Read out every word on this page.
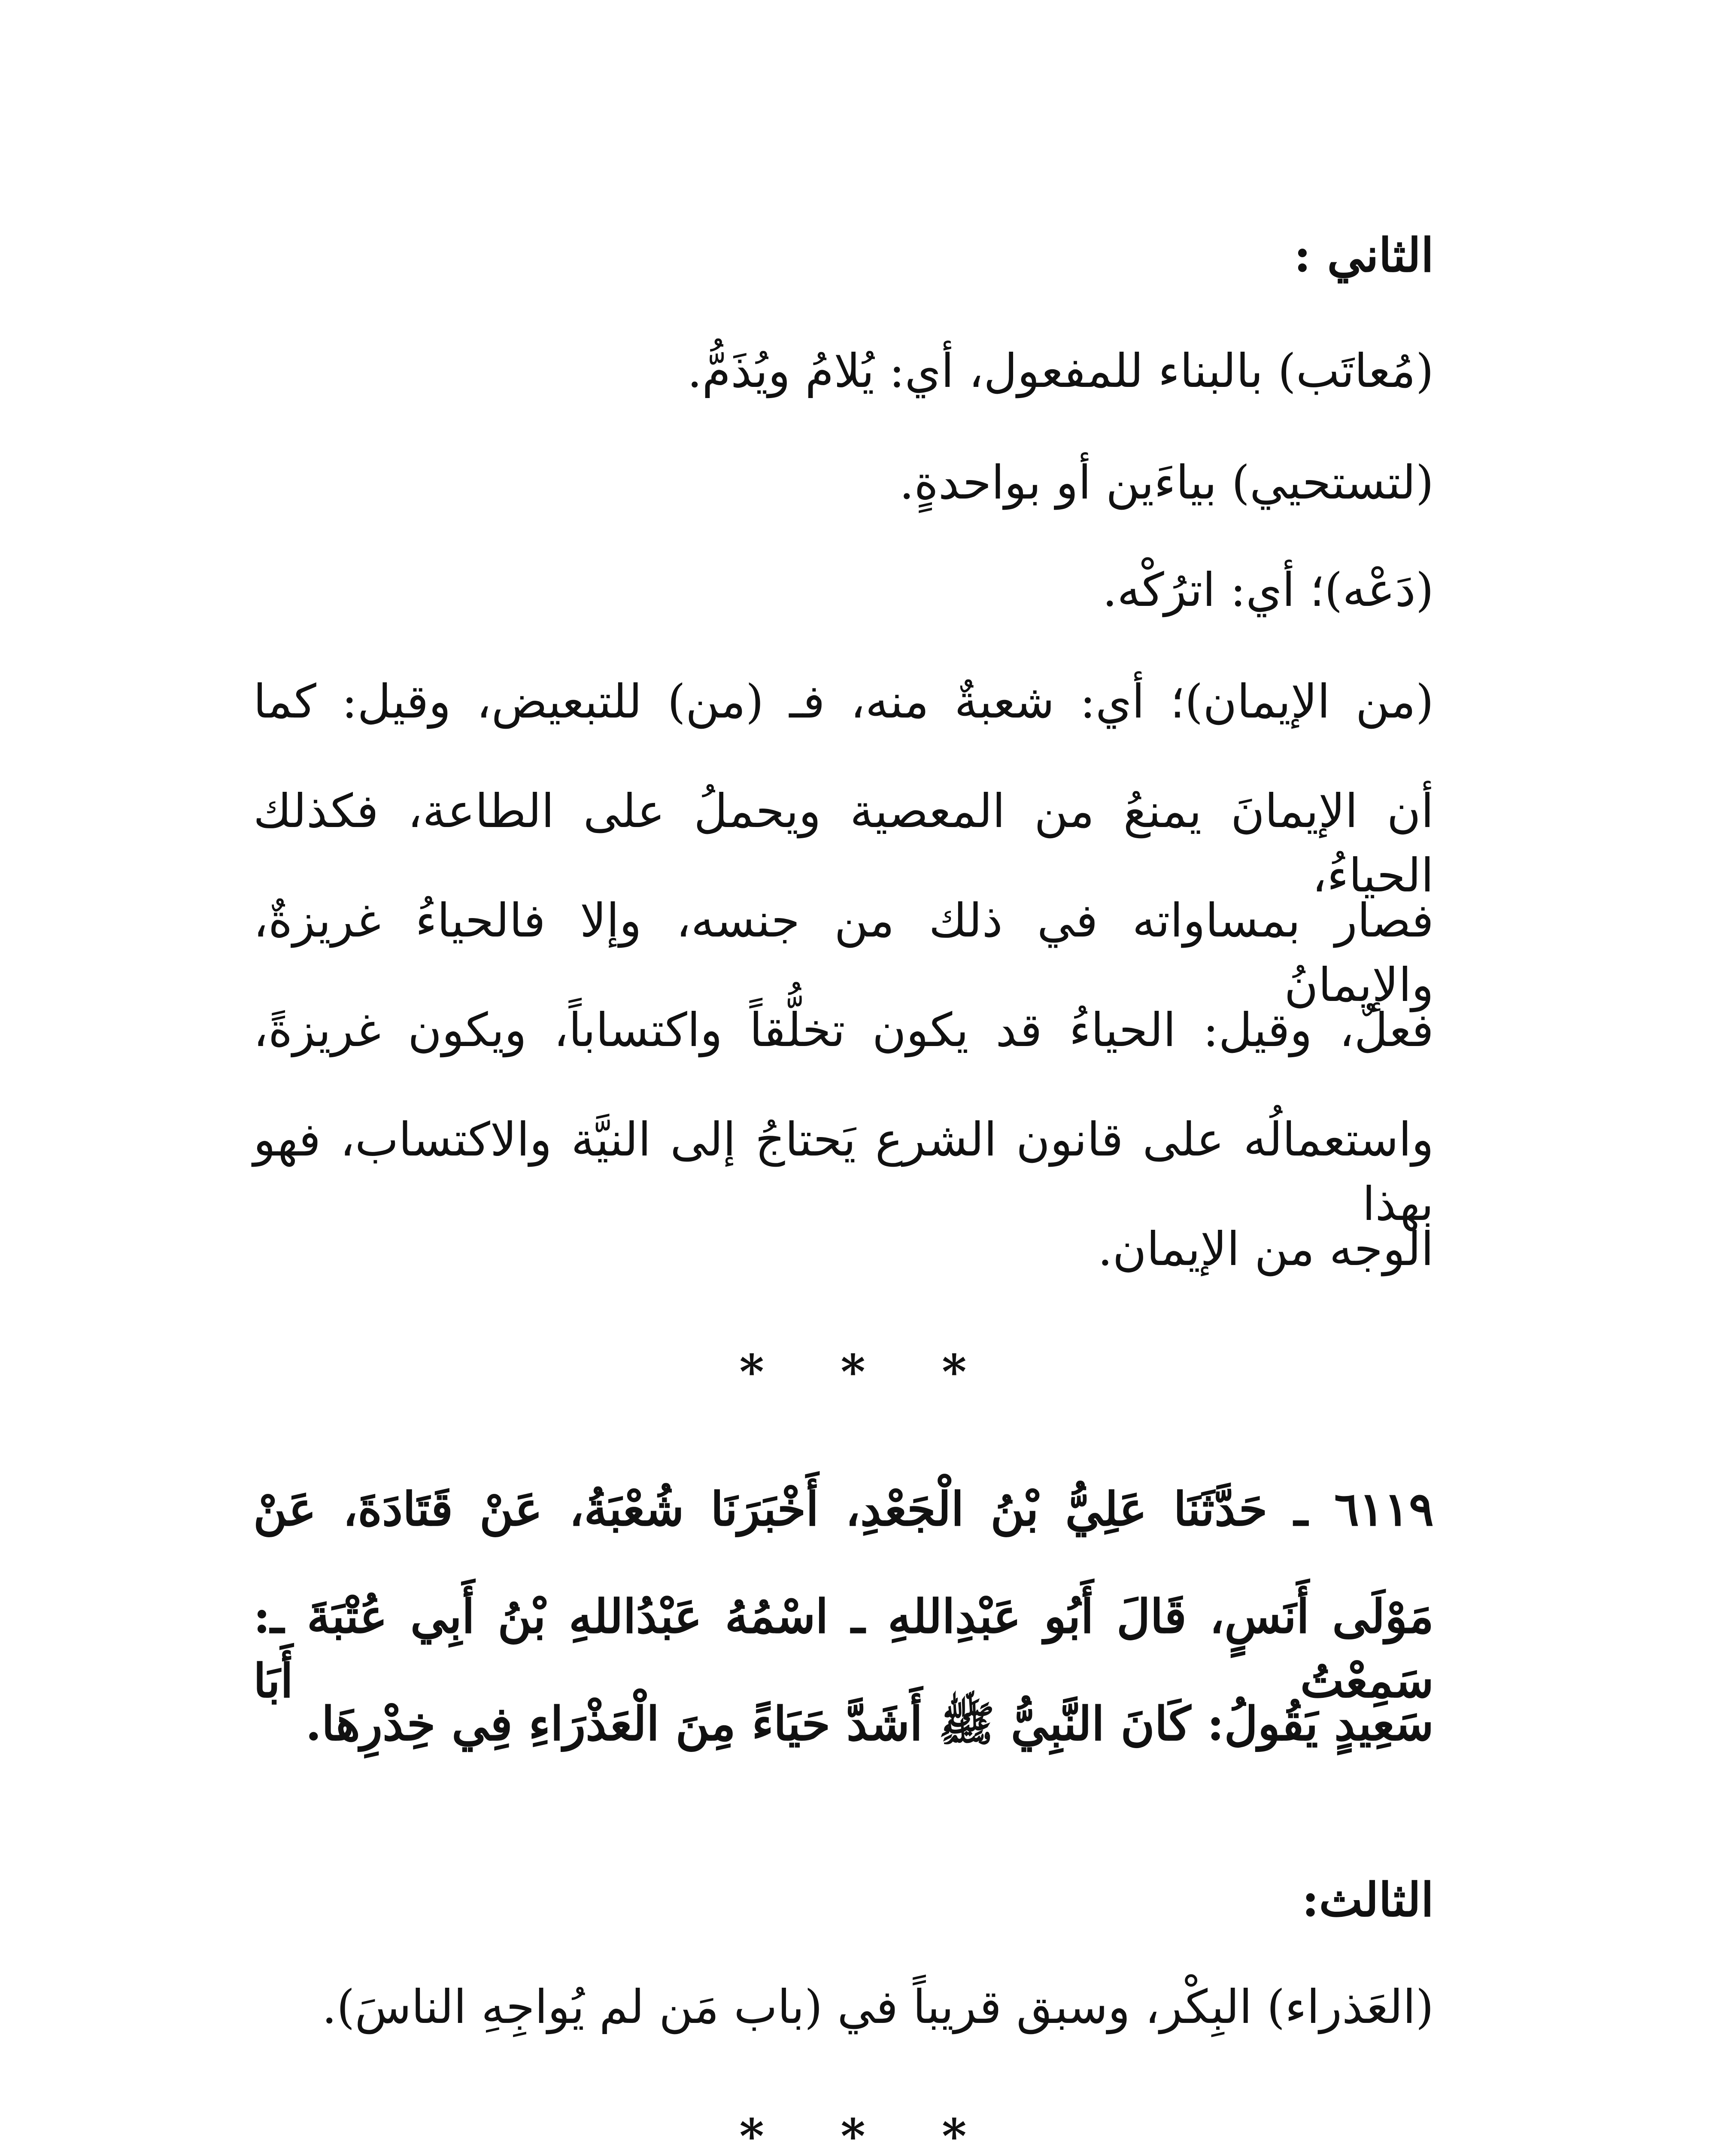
الثاني :
(مُعاتَب) بالبناء للمفعول، أي: يُلامُ ويُذَمُّ.
(لتستحيي) بياءَين أو بواحدةٍ.
(دَعْه)؛ أي: اترُكْه.
(من الإيمان)؛ أي: شعبةٌ منه، فـ (من) للتبعيض، وقيل: كما
أن الإيمانَ يمنعُ من المعصية ويحملُ على الطاعة، فكذلك الحياءُ،
فصار بمساواته في ذلك من جنسه، وإلا فالحياءُ غريزةٌ، والإيمانُ
فعلٌ، وقيل: الحياءُ قد يكون تخلُّقاً واكتساباً، ويكون غريزةً،
واستعمالُه على قانون الشرع يَحتاجُ إلى النيَّة والاكتساب، فهو بهذا
الوجه من الإيمان.
* * *
٦١١٩ ـ حَدَّثَنَا عَلِيُّ بْنُ الْجَعْدِ، أَخْبَرَنَا شُعْبَةُ، عَنْ قَتَادَةَ، عَنْ
مَوْلَى أَنَسٍ، قَالَ أَبُو عَبْدِاللهِ ـ اسْمُهُ عَبْدُاللهِ بْنُ أَبِي عُتْبَةَ ـ: سَمِعْتُ أَبَا
سَعِيدٍ يَقُولُ: كَانَ النَّبِيُّ ﷺ أَشَدَّ حَيَاءً مِنَ الْعَذْرَاءِ فِي خِدْرِهَا.
الثالث:
(العَذراء) البِكْر، وسبق قريباً في (باب مَن لم يُواجِهِ الناسَ).
* * *
